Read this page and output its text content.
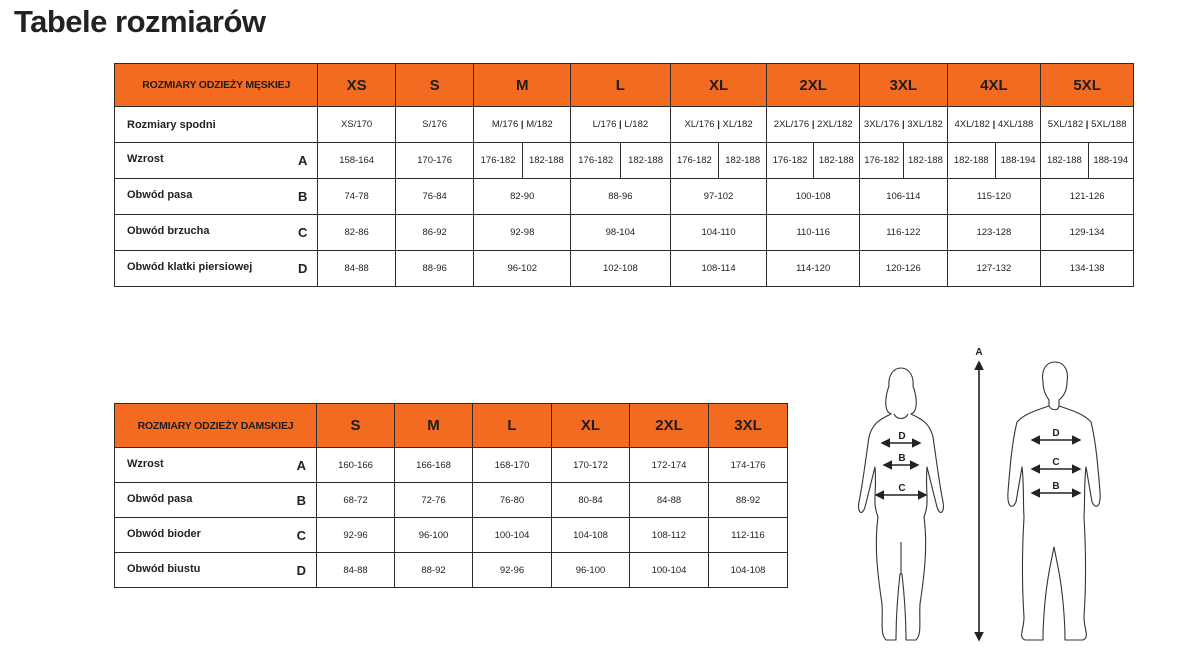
Tabele rozmiarów
ROZMIARY ODZIEŻY MĘSKIEJ	XS	S	M		L		XL		2XL		3XL		4XL		5XL	

Rozmiary spodni	XS/170	S/176	M/176 | M/182		L/176 | L/182		XL/176 | XL/182		2XL/176 | 2XL/182		3XL/176 | 3XL/182		4XL/182 | 4XL/188		5XL/182 | 5XL/188	

Wzrost A	158-164	170-176	176-182	182-188	176-182	182-188	176-182	182-188	176-182	182-188	176-182	182-188	182-188	188-194	182-188	188-194

Obwód pasa B	74-78	76-84	82-90		88-96		97-102		100-108		106-114		115-120		121-126	

Obwód brzucha C	82-86	86-92	92-98		98-104		104-110		110-116		116-122		123-128		129-134	

Obwód klatki piersiowej D	84-88	88-96	96-102		102-108		108-114		114-120		120-126		127-132		134-138	
ROZMIARY ODZIEŻY DAMSKIEJ	S	M	L	XL	2XL	3XL

Wzrost A	160-166	166-168	168-170	170-172	172-174	174-176

Obwód pasa B	68-72	72-76	76-80	80-84	84-88	88-92

Obwód bioder C	92-96	96-100	100-104	104-108	108-112	112-116

Obwód biustu D	84-88	88-92	92-96	96-100	100-104	104-108
D
B
C
A
D
C
B
